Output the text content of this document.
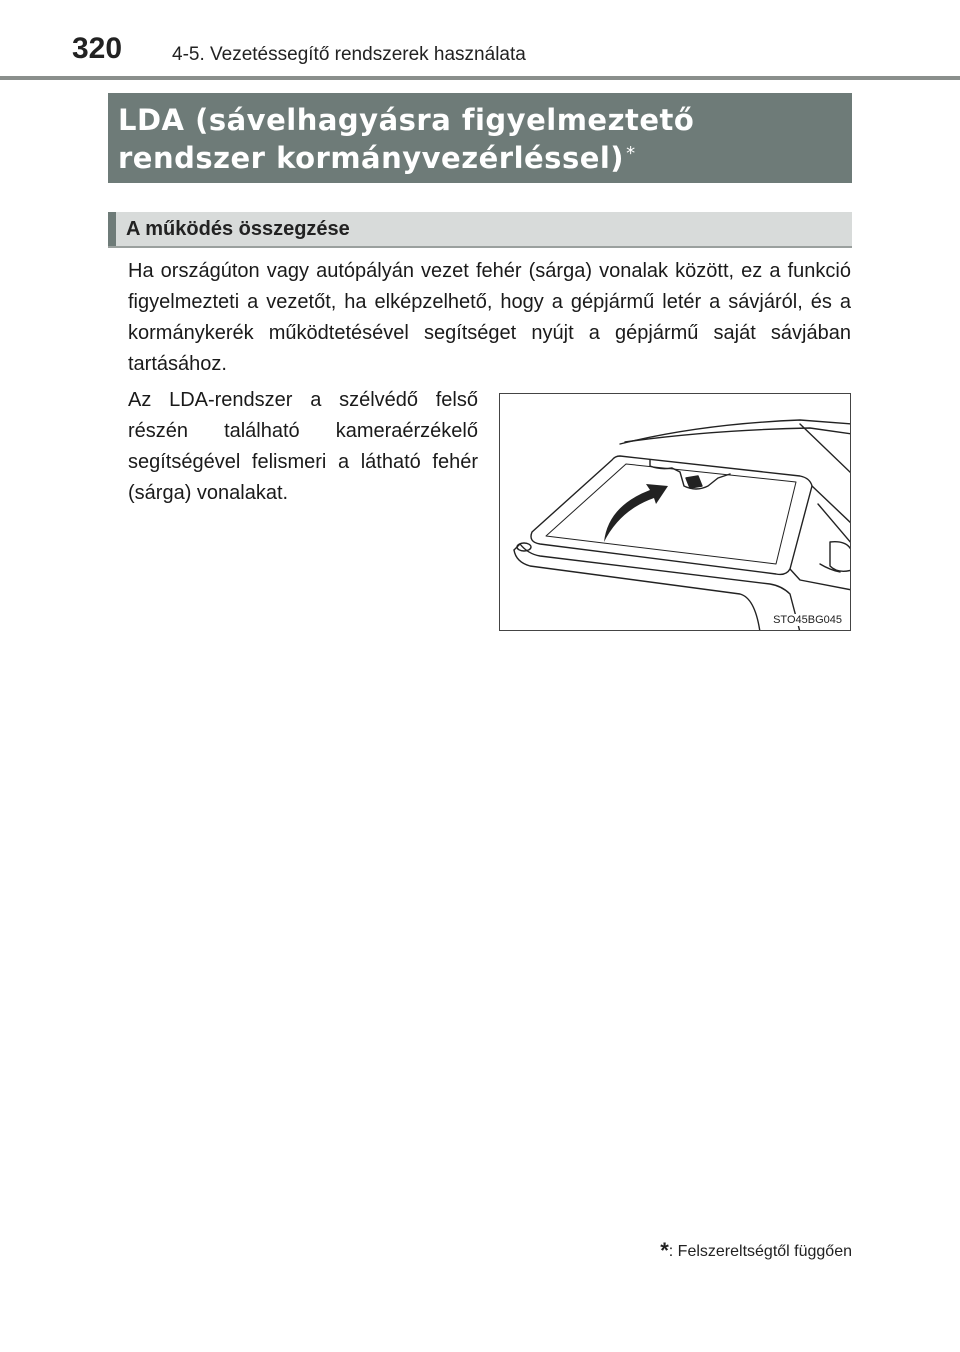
320	4-5. Vezetéssegítő rendszerek használata
LDA (sávelhagyásra figyelmeztető rendszer kormányvezérléssel) *
A működés összegzése
Ha országúton vagy autópályán vezet fehér (sárga) vonalak között, ez a funkció figyelmezteti a vezetőt, ha elképzelhető, hogy a gépjármű letér a sávjáról, és a kormánykerék működtetésével segítséget nyújt a gépjármű saját sávjában tartásához.
Az LDA-rendszer a szélvédő felső részén található kameraérzékelő segítségével felismeri a látható fehér (sárga) vonalakat.
STO45BG045
*: Felszereltségtől függően
